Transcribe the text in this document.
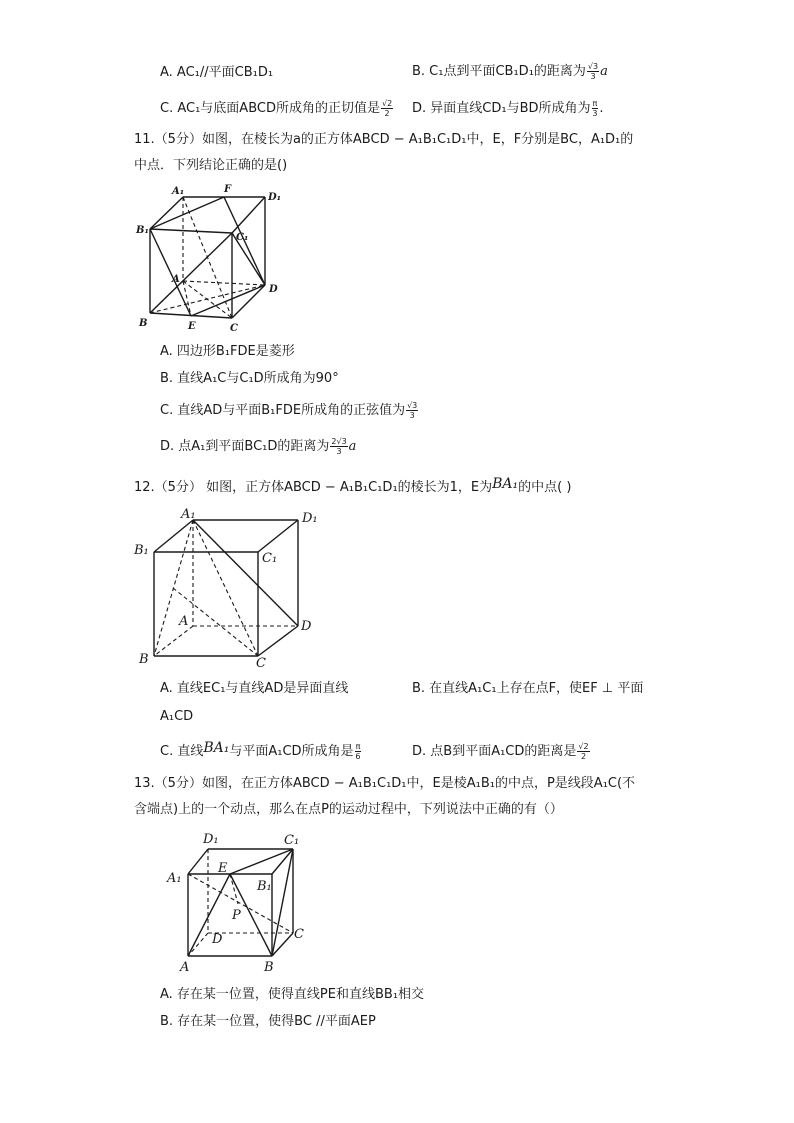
A. AC₁//平面CB₁D₁	B. C₁点到平面CB₁D₁的距离为 $\frac{√3}{3}$ a
C. AC₁与底面ABCD所成角的正切值是 $\frac{√2}{2} D$. 异面直线CD₁与BD所成角为 $\frac{\pi}{3}$ .
11.（5分）如图，在棱长为a的正方体ABCD − A₁B₁C₁D₁中，E，F分别是BC，A₁D₁的
中点．下列结论正确的是()
A₁	F
D₁
B₁
C₁
A
D
B	E	C
A. 四边形B₁FDE是菱形
B. 直线A₁C与C₁D所成角为90°
C. 直线AD与平面B₁FDE所成角的正弦值为 $\frac{√3}{3}$
D. 点A₁到平面BC₁D的距离为 $\frac{2√3}{3}$ a
12.（5分） 如图，正方体ABCD − A₁B₁C₁D₁的棱长为1，E为BA₁的中点( )
A₁	D₁
B₁
C₁
A	D
B	C
A. 直线EC₁与直线AD是异面直线	B. 在直线A₁C₁上存在点F，使EF ⊥ 平面
A₁CD
C. 直线BA₁与平面A₁CD所成角是 $\frac{\pi}{6}$	D. 点B到平面A₁CD的距离是 $\frac{√2}{2}$
13.（5分）如图，在正方体ABCD − A₁B₁C₁D₁中，E是棱A₁B₁的中点，P是线段A₁C(不
含端点)上的一个动点，那么在点P的运动过程中，下列说法中正确的有（）
D₁	C₁
A₁
E
B₁
P
D	C
A	B
A. 存在某一位置，使得直线PE和直线BB₁相交
B. 存在某一位置，使得BC //平面AEP
